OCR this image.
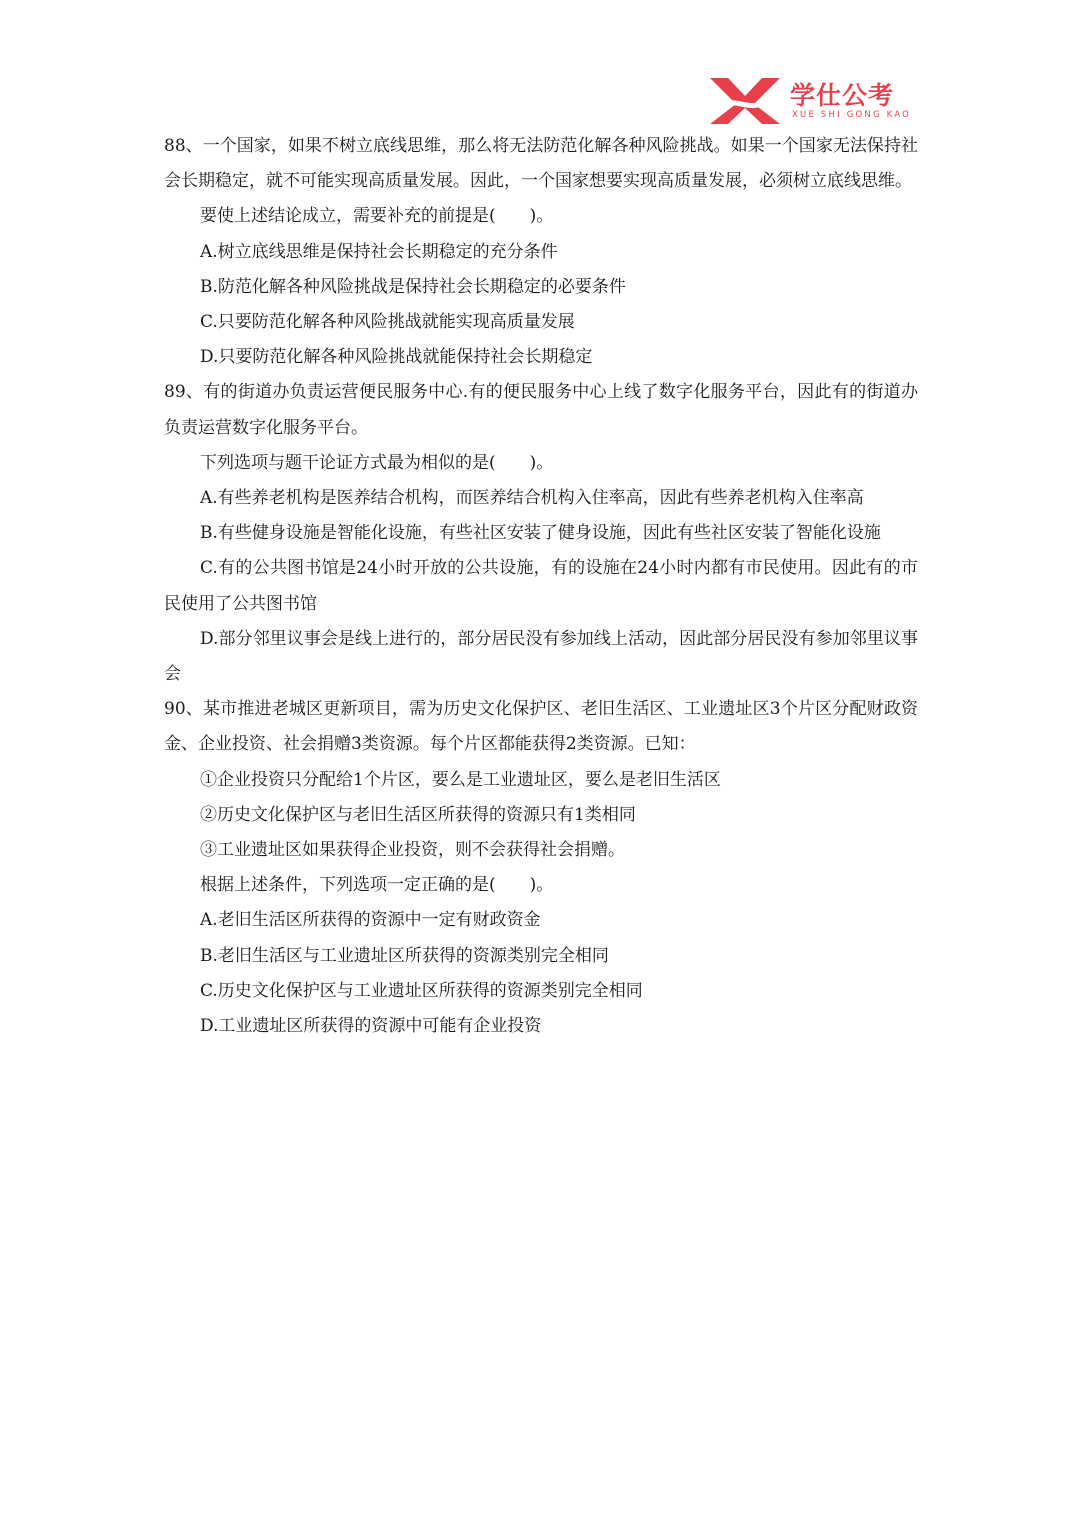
学仕公考
XUE SHI GONG KAO

88、一个国家，如果不树立底线思维，那么将无法防范化解各种风险挑战。如果一个国家无法保持社会长期稳定，就不可能实现高质量发展。因此，一个国家想要实现高质量发展，必须树立底线思维。

要使上述结论成立，需要补充的前提是(　　)。

A.树立底线思维是保持社会长期稳定的充分条件

B.防范化解各种风险挑战是保持社会长期稳定的必要条件

C.只要防范化解各种风险挑战就能实现高质量发展

D.只要防范化解各种风险挑战就能保持社会长期稳定

89、有的街道办负责运营便民服务中心.有的便民服务中心上线了数字化服务平台，因此有的街道办负责运营数字化服务平台。

下列选项与题干论证方式最为相似的是(　　)。

A.有些养老机构是医养结合机构，而医养结合机构入住率高，因此有些养老机构入住率高

B.有些健身设施是智能化设施，有些社区安装了健身设施，因此有些社区安装了智能化设施

C.有的公共图书馆是24小时开放的公共设施，有的设施在24小时内都有市民使用。因此有的市民使用了公共图书馆

D.部分邻里议事会是线上进行的，部分居民没有参加线上活动，因此部分居民没有参加邻里议事会

90、某市推进老城区更新项目，需为历史文化保护区、老旧生活区、工业遗址区3个片区分配财政资金、企业投资、社会捐赠3类资源。每个片区都能获得2类资源。已知：

①企业投资只分配给1个片区，要么是工业遗址区，要么是老旧生活区

②历史文化保护区与老旧生活区所获得的资源只有1类相同

③工业遗址区如果获得企业投资，则不会获得社会捐赠。

根据上述条件，下列选项一定正确的是(　　)。

A.老旧生活区所获得的资源中一定有财政资金

B.老旧生活区与工业遗址区所获得的资源类别完全相同

C.历史文化保护区与工业遗址区所获得的资源类别完全相同

D.工业遗址区所获得的资源中可能有企业投资
